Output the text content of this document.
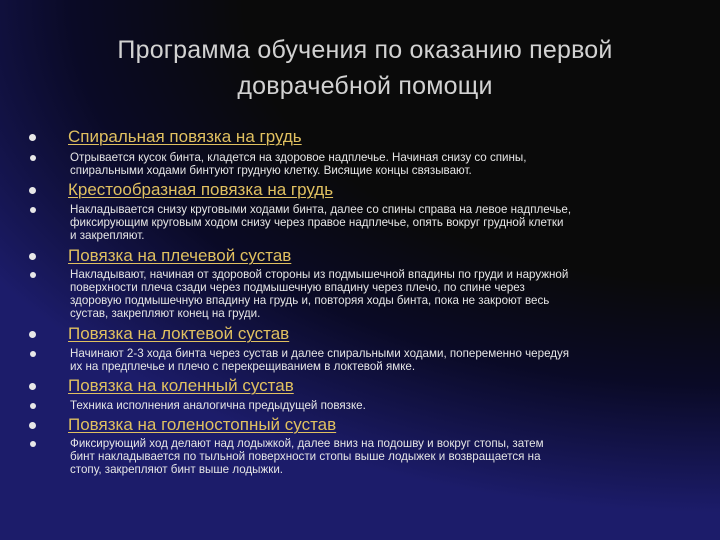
Программа обучения по оказанию первой
доврачебной помощи
Спиральная повязка на грудь
Отрывается кусок бинта, кладется на здоровое надплечье. Начиная снизу со спины,
спиральными ходами бинтуют грудную клетку. Висящие концы связывают.
Крестообразная повязка на грудь
Накладывается снизу круговыми ходами бинта, далее со спины справа на левое надплечье,
фиксирующим круговым ходом снизу через правое надплечье, опять вокруг грудной клетки
и закрепляют.
Повязка на плечевой сустав
Накладывают, начиная от здоровой стороны из подмышечной впадины по груди и наружной
поверхности плеча сзади через подмышечную впадину через плечо, по спине через
здоровую подмышечную впадину на грудь и, повторяя ходы бинта, пока не закроют весь
сустав, закрепляют конец на груди.
Повязка на локтевой сустав
Начинают 2-3 хода бинта через сустав и далее спиральными ходами, попеременно чередуя
их на предплечье и плечо с перекрещиванием в локтевой ямке.
Повязка на коленный сустав
Техника исполнения аналогична предыдущей повязке.
Повязка на голеностопный сустав
Фиксирующий ход делают над лодыжкой, далее вниз на подошву и вокруг стопы, затем
бинт накладывается по тыльной поверхности стопы выше лодыжек и возвращается на
стопу, закрепляют бинт выше лодыжки.
